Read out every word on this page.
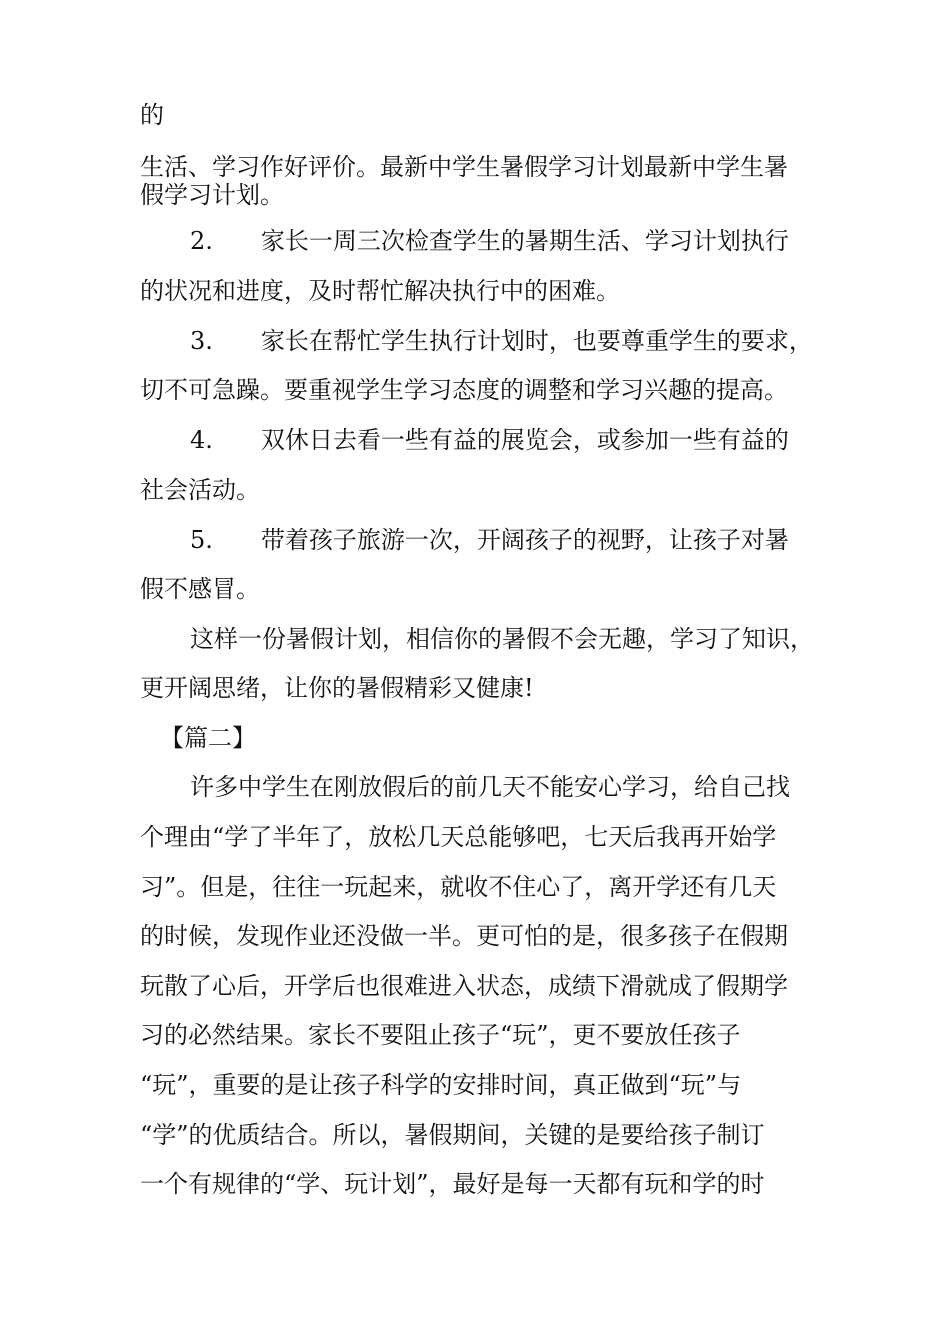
的
生活、学习作好评价。最新中学生暑假学习计划最新中学生暑
假学习计划。
2.　　家长一周三次检查学生的暑期生活、学习计划执行
的状况和进度，及时帮忙解决执行中的困难。
3.　　家长在帮忙学生执行计划时，也要尊重学生的要求，
切不可急躁。要重视学生学习态度的调整和学习兴趣的提高。
4.　　双休日去看一些有益的展览会，或参加一些有益的
社会活动。
5.　　带着孩子旅游一次，开阔孩子的视野，让孩子对暑
假不感冒。
这样一份暑假计划，相信你的暑假不会无趣，学习了知识，
更开阔思绪，让你的暑假精彩又健康!
【篇二】
许多中学生在刚放假后的前几天不能安心学习，给自己找
个理由“学了半年了，放松几天总能够吧，七天后我再开始学
习”。但是，往往一玩起来，就收不住心了，离开学还有几天
的时候，发现作业还没做一半。更可怕的是，很多孩子在假期
玩散了心后，开学后也很难进入状态，成绩下滑就成了假期学
习的必然结果。家长不要阻止孩子“玩”，更不要放任孩子
“玩”，重要的是让孩子科学的安排时间，真正做到“玩”与
“学”的优质结合。所以，暑假期间，关键的是要给孩子制订
一个有规律的“学、玩计划”，最好是每一天都有玩和学的时
